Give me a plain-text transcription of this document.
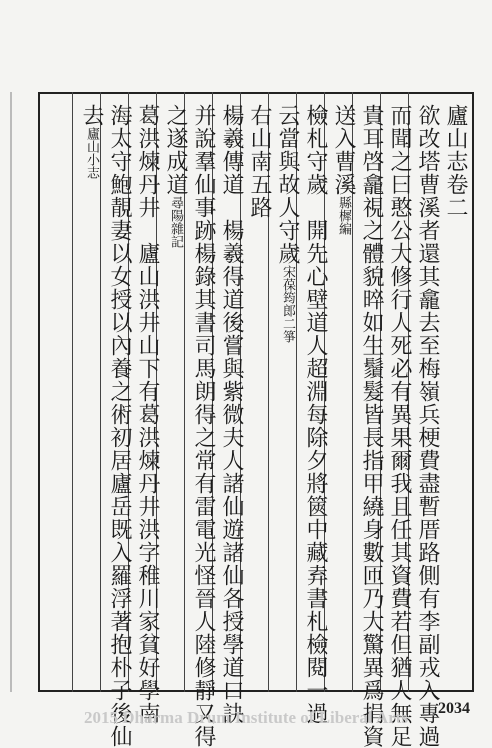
廬山志卷二
欲改塔曹溪者還其龕去至梅嶺兵梗費盡暫厝路側有李副戎入專過
而聞之曰憨公大修行人死必有異果爾我且任其資費若但猶人無足
貴耳啓龕視之體貌晬如生鬚髮皆長指甲繞身數匝乃大驚異爲捐資
送入曹溪縣樨編
檢札守歲　開先心壁道人超淵每除夕將篋中藏弆書札檢閱一過
云當與故人守歲宋葆筠郎二箏
右山南五路
楊羲傳道　楊羲得道後嘗與紫微夫人諸仙遊諸仙各授學道口訣
并說羣仙事跡楊錄其書司馬朗得之常有雷電光怪晉人陸修靜又得
之遂成道尋陽雜記
葛洪煉丹井　廬山洪井山下有葛洪煉丹井洪字稚川家貧好學南
海太守鮑靚妻以女授以內養之術初居廬岳既入羅浮著抱朴子後仙
去廬山小志
2015 Dharma Drum Institute of Liberal Arts	2034
